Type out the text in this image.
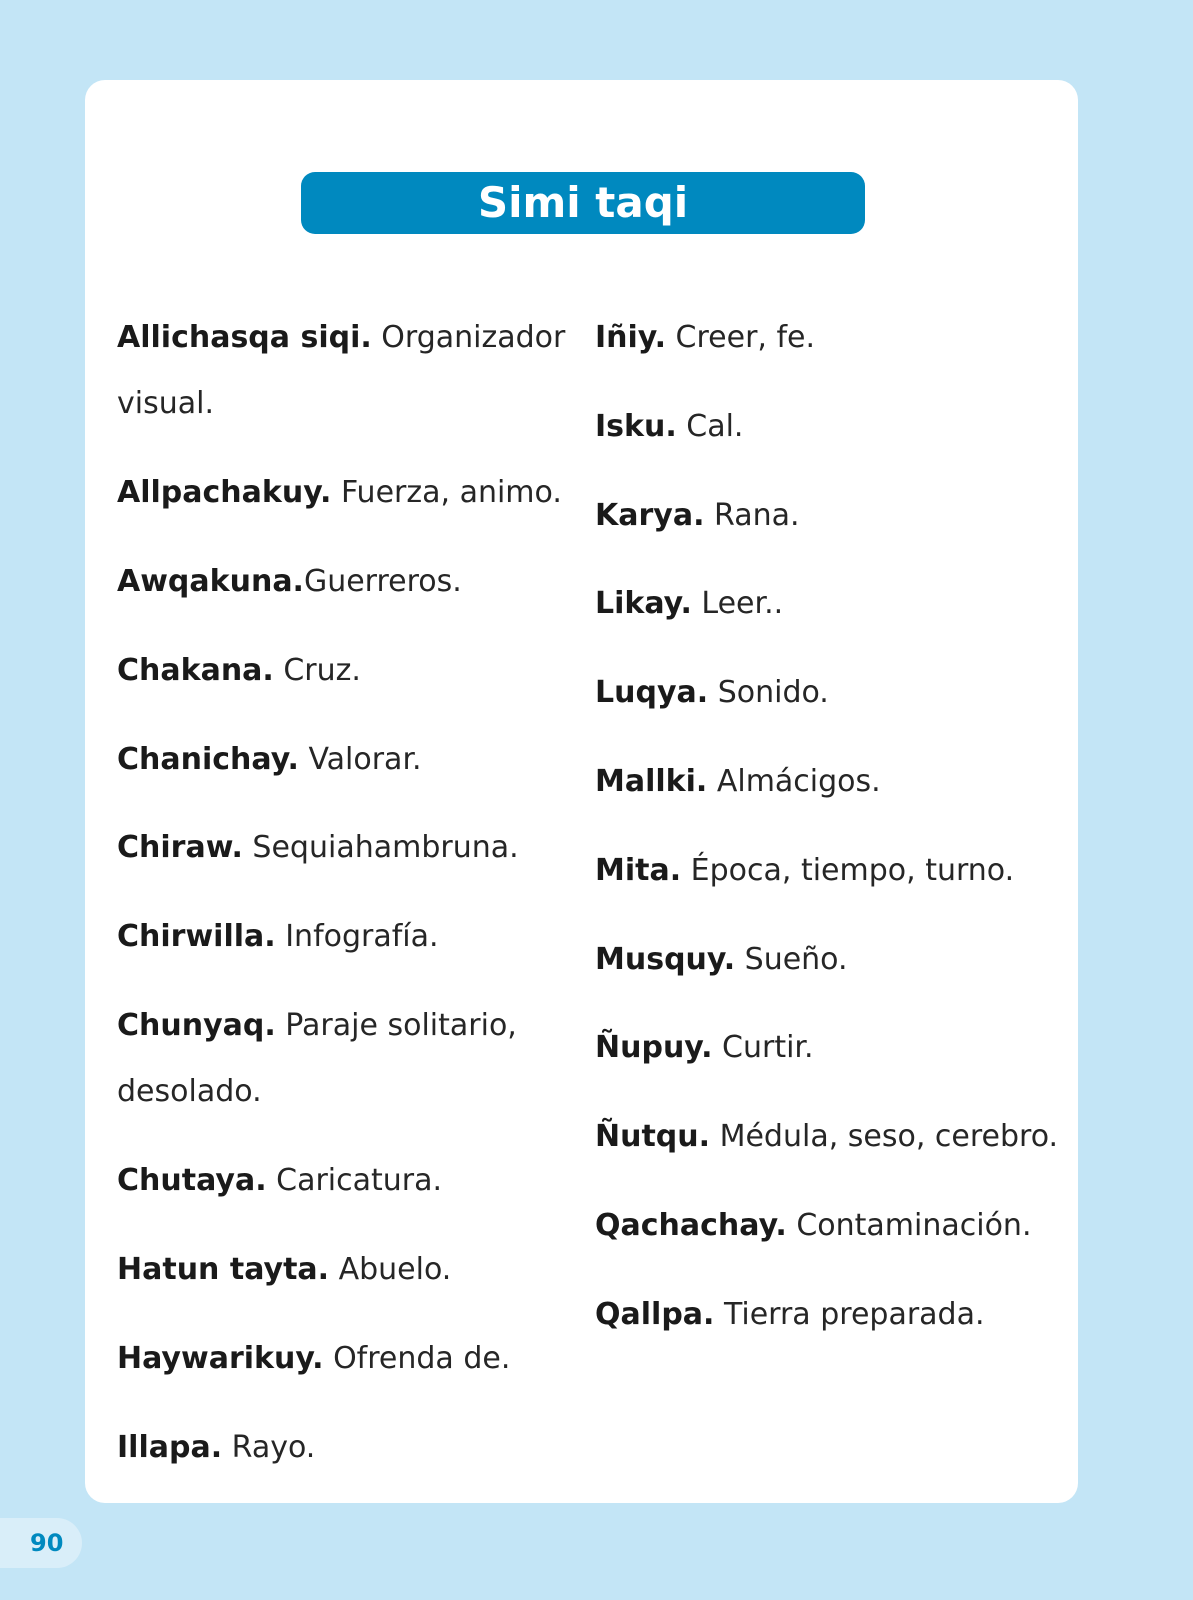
Simi taqi

Allichasqa siqi. Organizador visual.

Allpachakuy. Fuerza, animo.

Awqakuna.Guerreros.

Chakana. Cruz.

Chanichay. Valorar.

Chiraw. Sequiahambruna.

Chirwilla. Infografía.

Chunyaq. Paraje solitario, desolado.

Chutaya. Caricatura.

Hatun tayta. Abuelo.

Haywarikuy. Ofrenda de.

Illapa. Rayo.

Iñiy. Creer, fe.

Isku. Cal.

Karya. Rana.

Likay. Leer..

Luqya. Sonido.

Mallki. Almácigos.

Mita. Época, tiempo, turno.

Musquy. Sueño.

Ñupuy. Curtir.

Ñutqu. Médula, seso, cerebro.

Qachachay. Contaminación.

Qallpa. Tierra preparada.

90
